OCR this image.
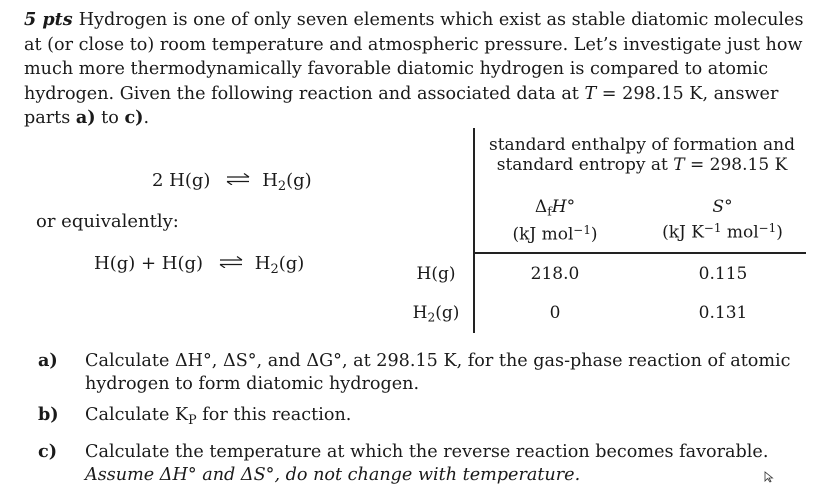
5 pts Hydrogen is one of only seven elements which exist as stable diatomic molecules at (or close to) room temperature and atmospheric pressure. Let’s investigate just how much more thermodynamically favorable diatomic hydrogen is compared to atomic hydrogen. Given the following reaction and associated data at T = 298.15 K, answer parts a) to c).
2 H(g) ⇌ $H_2(g)$
or equivalently:
H(g) + H(g) ⇌ $H_2(g)$
standard enthalpy of formation and
standard entropy at T = 298.15 K
$\Delta_fH^\circ$
(kJ mol$^{-1}$)
S°
(kJ $K^{-1}$ mol$^{-1}$)
H(g)	218.0	0.115
$H_2(g)$	0	0.131
a) Calculate ΔH°, ΔS°, and ΔG°, at 298.15 K, for the gas-phase reaction of atomic
hydrogen to form diatomic hydrogen.
b) Calculate $K_P$ for this reaction.
c) Calculate the temperature at which the reverse reaction becomes favorable.
Assume ΔH° and ΔS°, do not change with temperature.
